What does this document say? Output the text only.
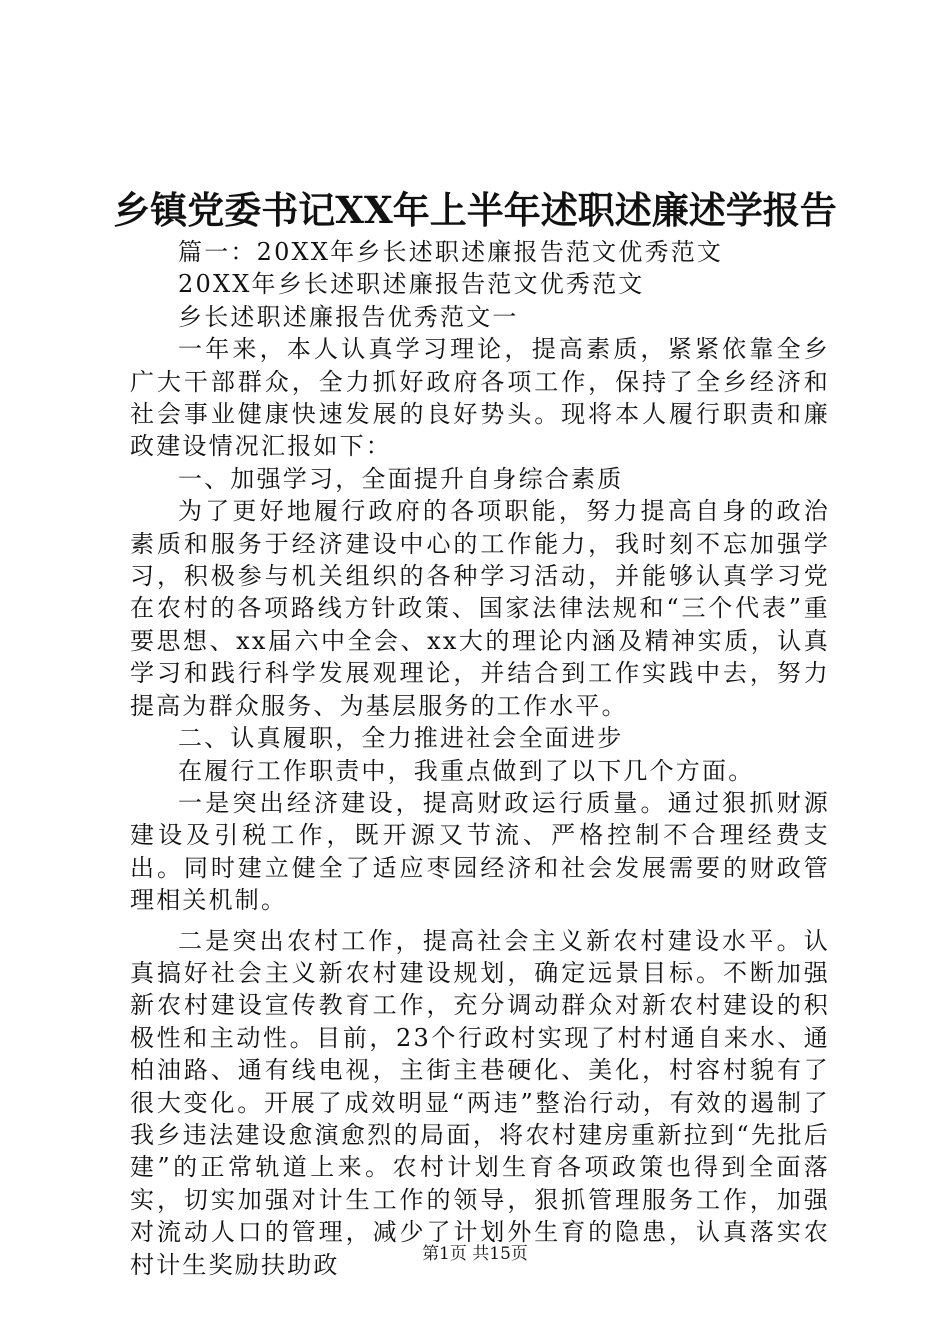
乡镇党委书记XX年上半年述职述廉述学报告

篇一：20XX年乡长述职述廉报告范文优秀范文

20XX年乡长述职述廉报告范文优秀范文

乡长述职述廉报告优秀范文一

一年来，本人认真学习理论，提高素质，紧紧依靠全乡广大干部群众，全力抓好政府各项工作，保持了全乡经济和社会事业健康快速发展的良好势头。现将本人履行职责和廉政建设情况汇报如下：

一、加强学习，全面提升自身综合素质

为了更好地履行政府的各项职能，努力提高自身的政治素质和服务于经济建设中心的工作能力，我时刻不忘加强学习，积极参与机关组织的各种学习活动，并能够认真学习党在农村的各项路线方针政策、国家法律法规和“三个代表”重要思想、xx届六中全会、xx大的理论内涵及精神实质，认真学习和践行科学发展观理论，并结合到工作实践中去，努力提高为群众服务、为基层服务的工作水平。

二、认真履职，全力推进社会全面进步

在履行工作职责中，我重点做到了以下几个方面。

一是突出经济建设，提高财政运行质量。通过狠抓财源建设及引税工作，既开源又节流、严格控制不合理经费支出。同时建立健全了适应枣园经济和社会发展需要的财政管理相关机制。

二是突出农村工作，提高社会主义新农村建设水平。认真搞好社会主义新农村建设规划，确定远景目标。不断加强新农村建设宣传教育工作，充分调动群众对新农村建设的积极性和主动性。目前，23个行政村实现了村村通自来水、通柏油路、通有线电视，主街主巷硬化、美化，村容村貌有了很大变化。开展了成效明显“两违”整治行动，有效的遏制了我乡违法建设愈演愈烈的局面，将农村建房重新拉到“先批后建”的正常轨道上来。农村计划生育各项政策也得到全面落实，切实加强对计生工作的领导，狠抓管理服务工作，加强对流动人口的管理，减少了计划外生育的隐患，认真落实农村计生奖励扶助政	第1页 共15页
